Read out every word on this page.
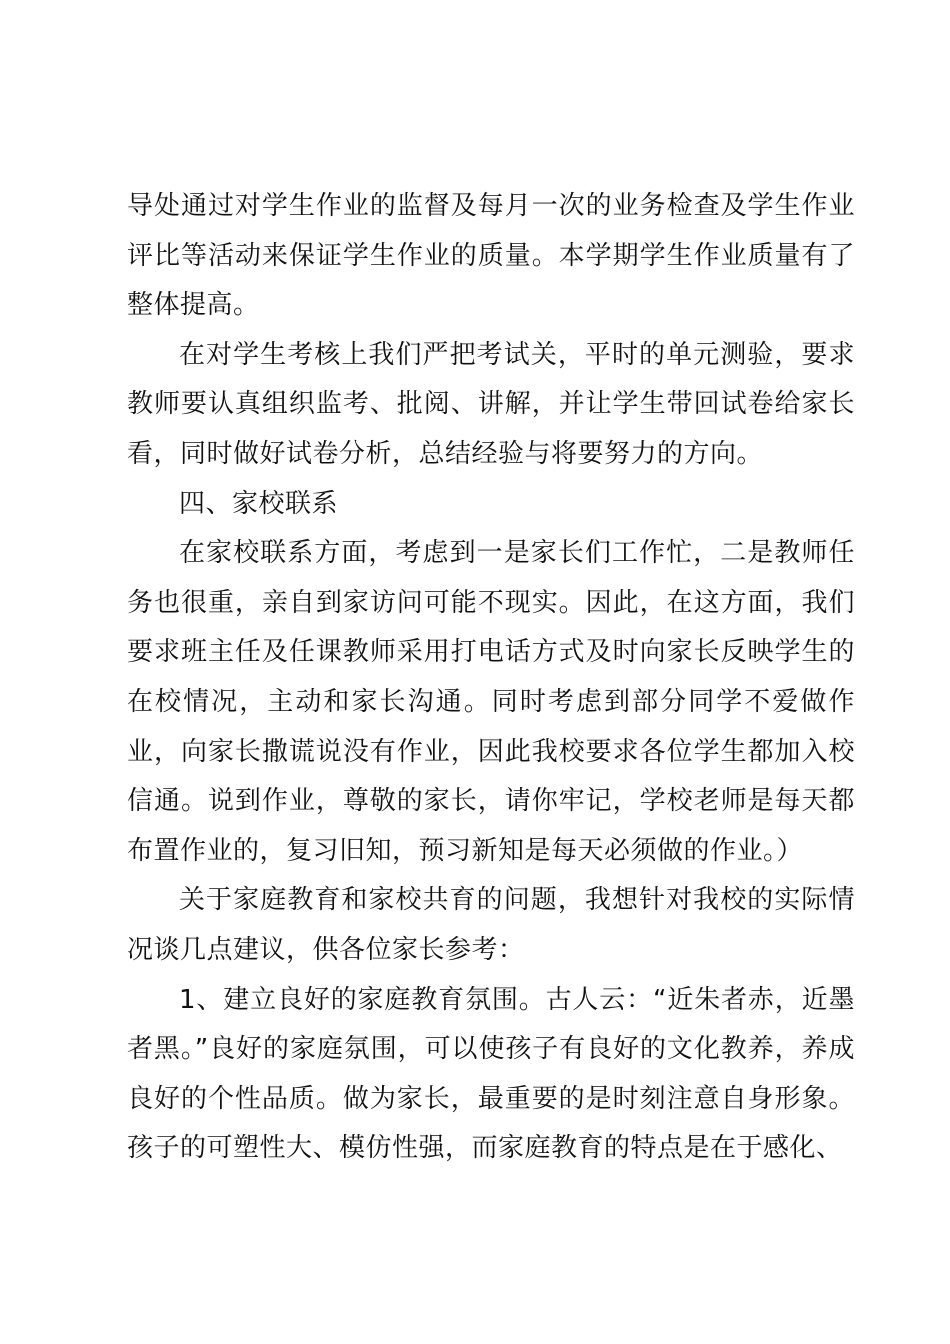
导处通过对学生作业的监督及每月一次的业务检查及学生作业评比等活动来保证学生作业的质量。本学期学生作业质量有了整体提高。

在对学生考核上我们严把考试关，平时的单元测验，要求教师要认真组织监考、批阅、讲解，并让学生带回试卷给家长看，同时做好试卷分析，总结经验与将要努力的方向。

四、家校联系

在家校联系方面，考虑到一是家长们工作忙，二是教师任务也很重，亲自到家访问可能不现实。因此，在这方面，我们要求班主任及任课教师采用打电话方式及时向家长反映学生的在校情况，主动和家长沟通。同时考虑到部分同学不爱做作业，向家长撒谎说没有作业，因此我校要求各位学生都加入校信通。说到作业，尊敬的家长，请你牢记，学校老师是每天都布置作业的，复习旧知，预习新知是每天必须做的作业。）

关于家庭教育和家校共育的问题，我想针对我校的实际情况谈几点建议，供各位家长参考：

1、建立良好的家庭教育氛围。古人云：“近朱者赤，近墨者黑。”良好的家庭氛围，可以使孩子有良好的文化教养，养成良好的个性品质。做为家长，最重要的是时刻注意自身形象。孩子的可塑性大、模仿性强，而家庭教育的特点是在于感化、
